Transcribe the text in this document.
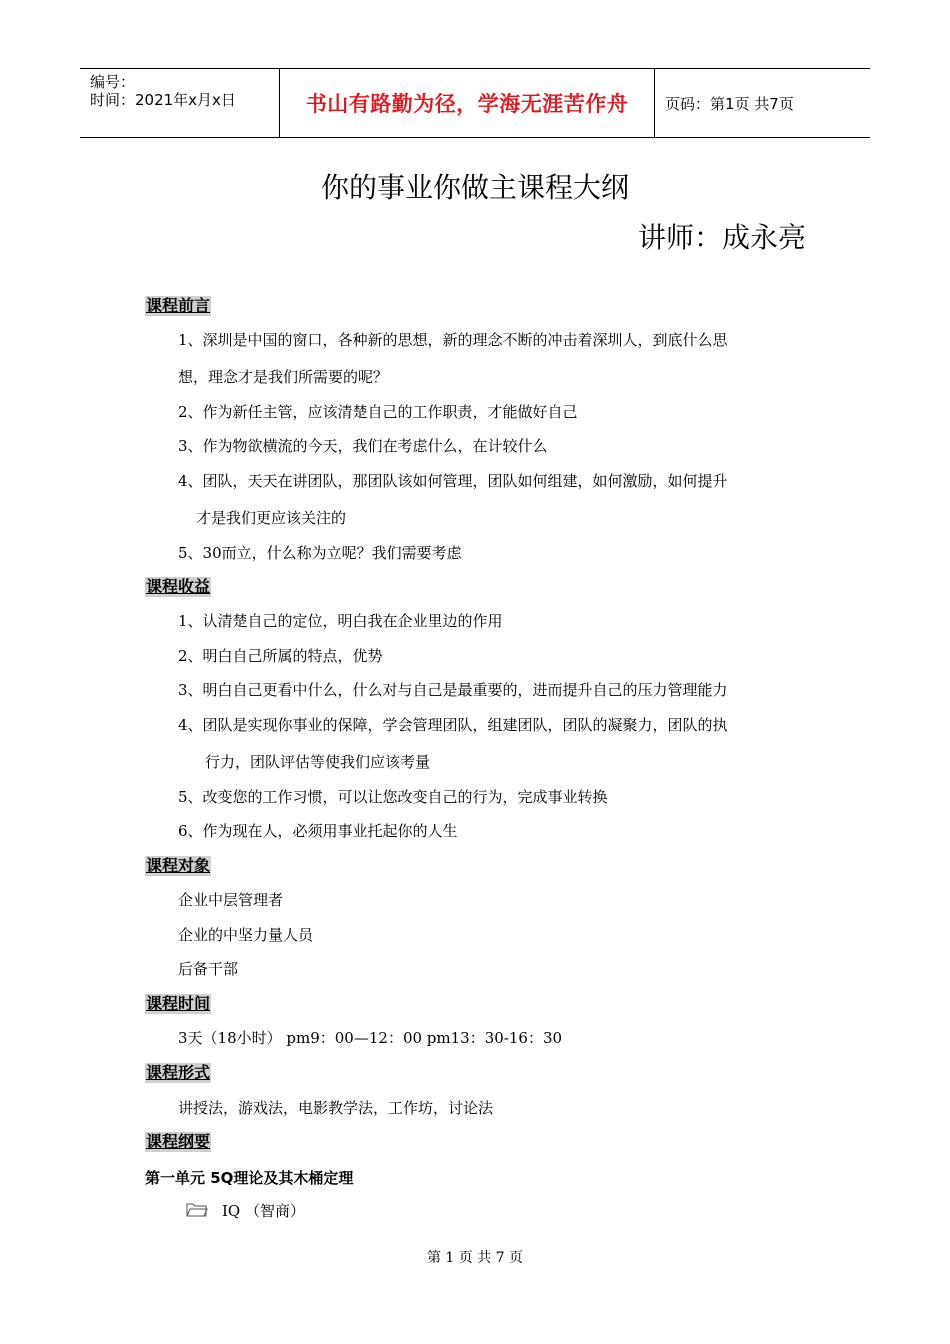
编号：
时间：2021年x月x日	书山有路勤为径，学海无涯苦作舟	页码：第1页 共7页
你的事业你做主课程大纲
讲师：成永亮
课程前言
1、深圳是中国的窗口，各种新的思想，新的理念不断的冲击着深圳人，到底什么思
想，理念才是我们所需要的呢？
2、作为新任主管，应该清楚自己的工作职责，才能做好自己
3、作为物欲横流的今天，我们在考虑什么，在计较什么
4、团队，天天在讲团队，那团队该如何管理，团队如何组建，如何激励，如何提升
才是我们更应该关注的
5、30而立，什么称为立呢？我们需要考虑
课程收益
1、认清楚自己的定位，明白我在企业里边的作用
2、明白自己所属的特点，优势
3、明白自己更看中什么，什么对与自己是最重要的，进而提升自己的压力管理能力
4、团队是实现你事业的保障，学会管理团队，组建团队，团队的凝聚力，团队的执
行力，团队评估等使我们应该考量
5、改变您的工作习惯，可以让您改变自己的行为，完成事业转换
6、作为现在人，必须用事业托起你的人生
课程对象
企业中层管理者
企业的中坚力量人员
后备干部
课程时间
3天（18小时） pm9：00—12：00 pm13：30-16：30
课程形式
讲授法，游戏法，电影教学法，工作坊，讨论法
课程纲要
第一单元 5Q理论及其木桶定理
IQ （智商）
第 1 页 共 7 页
